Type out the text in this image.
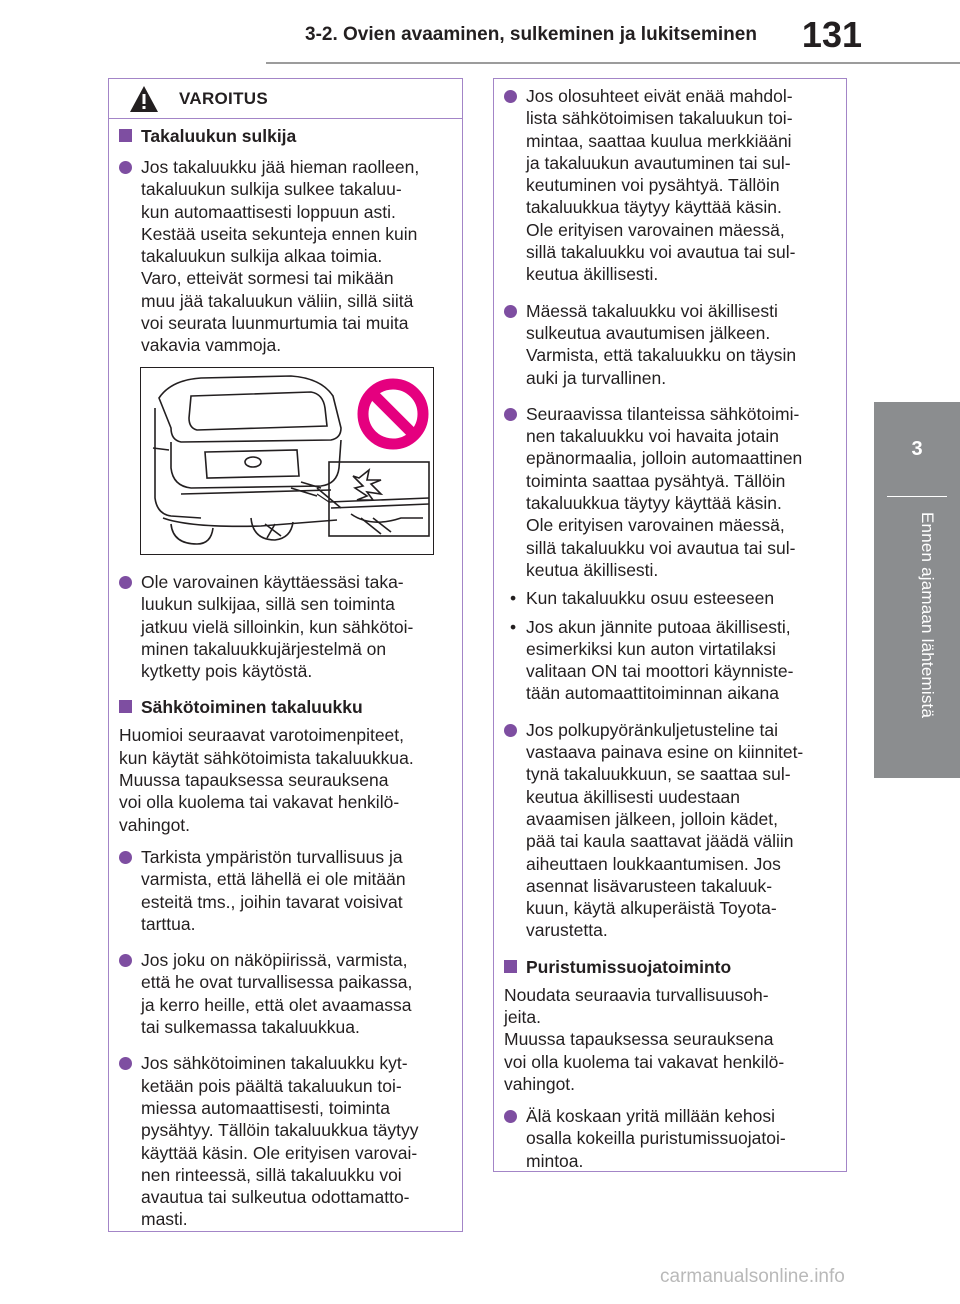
3-2. Ovien avaaminen, sulkeminen ja lukitseminen 131
3
Ennen ajamaan lähtemistä
VAROITUS
Takaluukun sulkija
Jos takaluukku jää hieman raolleen,
takaluukun sulkija sulkee takaluu-
kun automaattisesti loppuun asti.
Kestää useita sekunteja ennen kuin
takaluukun sulkija alkaa toimia.
Varo, etteivät sormesi tai mikään
muu jää takaluukun väliin, sillä siitä
voi seurata luunmurtumia tai muita
vakavia vammoja.
Ole varovainen käyttäessäsi taka-
luukun sulkijaa, sillä sen toiminta
jatkuu vielä silloinkin, kun sähkötoi-
minen takaluukkujärjestelmä on
kytketty pois käytöstä.
Sähkötoiminen takaluukku
Huomioi seuraavat varotoimenpiteet,
kun käytät sähkötoimista takaluukkua.
Muussa tapauksessa seurauksena
voi olla kuolema tai vakavat henkilö-
vahingot.
Tarkista ympäristön turvallisuus ja
varmista, että lähellä ei ole mitään
esteitä tms., joihin tavarat voisivat
tarttua.
Jos joku on näköpiirissä, varmista,
että he ovat turvallisessa paikassa,
ja kerro heille, että olet avaamassa
tai sulkemassa takaluukkua.
Jos sähkötoiminen takaluukku kyt-
ketään pois päältä takaluukun toi-
miessa automaattisesti, toiminta
pysähtyy. Tällöin takaluukkua täytyy
käyttää käsin. Ole erityisen varovai-
nen rinteessä, sillä takaluukku voi
avautua tai sulkeutua odottamatto-
masti.
Jos olosuhteet eivät enää mahdol-
lista sähkötoimisen takaluukun toi-
mintaa, saattaa kuulua merkkiääni
ja takaluukun avautuminen tai sul-
keutuminen voi pysähtyä. Tällöin
takaluukkua täytyy käyttää käsin.
Ole erityisen varovainen mäessä,
sillä takaluukku voi avautua tai sul-
keutua äkillisesti.
Mäessä takaluukku voi äkillisesti
sulkeutua avautumisen jälkeen.
Varmista, että takaluukku on täysin
auki ja turvallinen.
Seuraavissa tilanteissa sähkötoimi-
nen takaluukku voi havaita jotain
epänormaalia, jolloin automaattinen
toiminta saattaa pysähtyä. Tällöin
takaluukkua täytyy käyttää käsin.
Ole erityisen varovainen mäessä,
sillä takaluukku voi avautua tai sul-
keutua äkillisesti.
• Kun takaluukku osuu esteeseen
• Jos akun jännite putoaa äkillisesti,
esimerkiksi kun auton virtatilaksi
valitaan ON tai moottori käynniste-
tään automaattitoiminnan aikana
Jos polkupyöränkuljetusteline tai
vastaava painava esine on kiinnitet-
tynä takaluukkuun, se saattaa sul-
keutua äkillisesti uudestaan
avaamisen jälkeen, jolloin kädet,
pää tai kaula saattavat jäädä väliin
aiheuttaen loukkaantumisen. Jos
asennat lisävarusteen takaluuk-
kuun, käytä alkuperäistä Toyota-
varustetta.
Puristumissuojatoiminto
Noudata seuraavia turvallisuusoh-
jeita.
Muussa tapauksessa seurauksena
voi olla kuolema tai vakavat henkilö-
vahingot.
Älä koskaan yritä millään kehosi
osalla kokeilla puristumissuojatoi-
mintoa.
carmanualsonline.info
